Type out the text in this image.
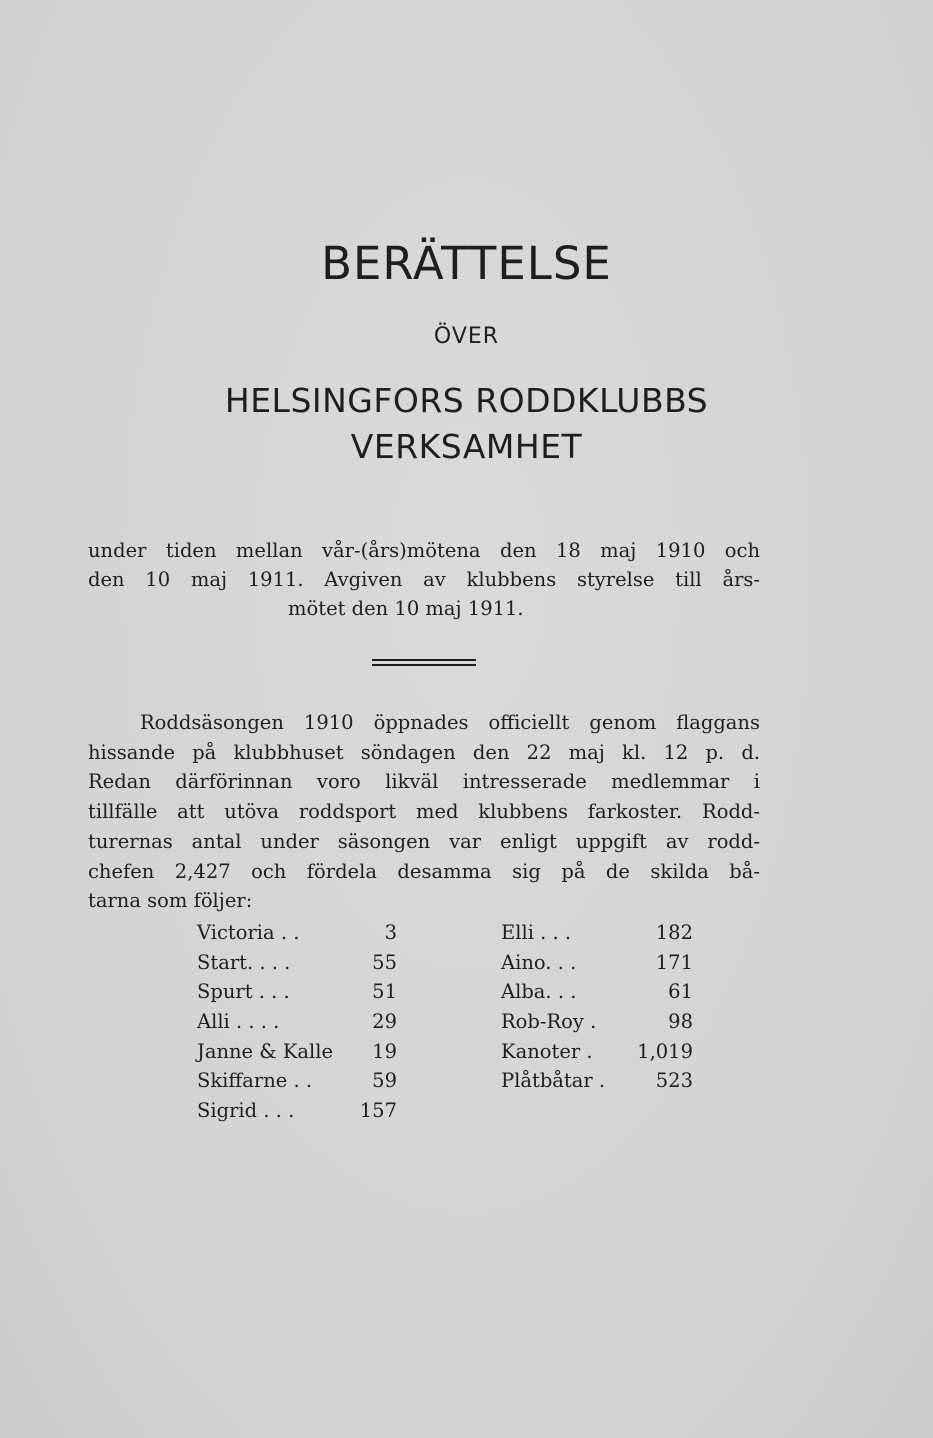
BERÄTTELSE
ÖVER
HELSINGFORS RODDKLUBBS
VERKSAMHET
under tiden mellan vår-(års)mötena den 18 maj 1910 och
den 10 maj 1911. Avgiven av klubbens styrelse till års-
mötet den 10 maj 1911.
Roddsäsongen 1910 öppnades officiellt genom flaggans
hissande på klubbhuset söndagen den 22 maj kl. 12 p. d.
Redan därförinnan voro likväl intresserade medlemmar i
tillfälle att utöva roddsport med klubbens farkoster. Rodd-
turernas antal under säsongen var enligt uppgift av rodd-
chefen 2,427 och fördela desamma sig på de skilda bå-
tarna som följer:
Victoria . .	3
Start. . . .	55
Spurt . . .	51
Alli . . . .	29
Janne & Kalle 19
Skiffarne . .	59
Sigrid . . .	157
Elli . . .	182
Aino. . .	171
Alba. . .	61
Rob-Roy .	98
Kanoter . 1,019
Plåtbåtar .	523
